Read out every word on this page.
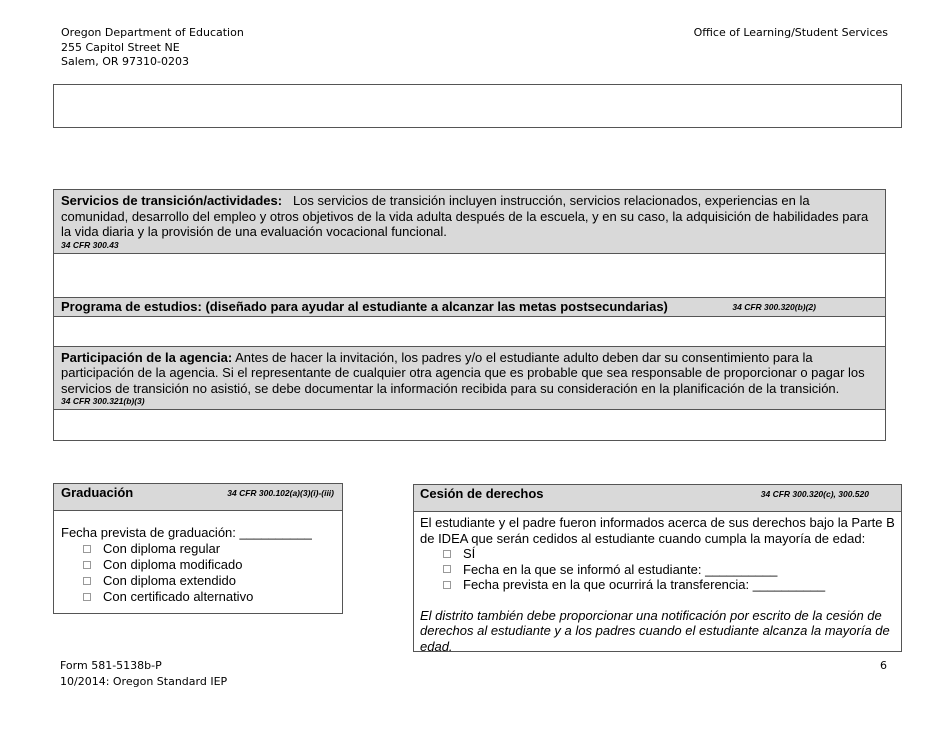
Oregon Department of Education
255 Capitol Street NE
Salem, OR 97310-0203
Office of Learning/Student Services
Servicios de transición/actividades: Los servicios de transición incluyen instrucción, servicios relacionados, experiencias en la comunidad, desarrollo del empleo y otros objetivos de la vida adulta después de la escuela, y en su caso, la adquisición de habilidades para la vida diaria y la provisión de una evaluación vocacional funcional.
34 CFR 300.43
Programa de estudios: (diseñado para ayudar al estudiante a alcanzar las metas postsecundarias)	34 CFR 300.320(b)(2)
Participación de la agencia: Antes de hacer la invitación, los padres y/o el estudiante adulto deben dar su consentimiento para la participación de la agencia. Si el representante de cualquier otra agencia que es probable que sea responsable de proporcionar o pagar los servicios de transición no asistió, se debe documentar la información recibida para su consideración en la planificación de la transición.
34 CFR 300.321(b)(3)
Graduación	34 CFR 300.102(a)(3)(i)-(iii)
Fecha prevista de graduación: __________
Con diploma regular
Con diploma modificado
Con diploma extendido
Con certificado alternativo
Cesión de derechos	34 CFR 300.320(c), 300.520
El estudiante y el padre fueron informados acerca de sus derechos bajo la Parte B de IDEA que serán cedidos al estudiante cuando cumpla la mayoría de edad:
SÍ
Fecha en la que se informó al estudiante: __________
Fecha prevista en la que ocurrirá la transferencia: __________
El distrito también debe proporcionar una notificación por escrito de la cesión de derechos al estudiante y a los padres cuando el estudiante alcanza la mayoría de edad.
Form 581-5138b-P
10/2014: Oregon Standard IEP
6
